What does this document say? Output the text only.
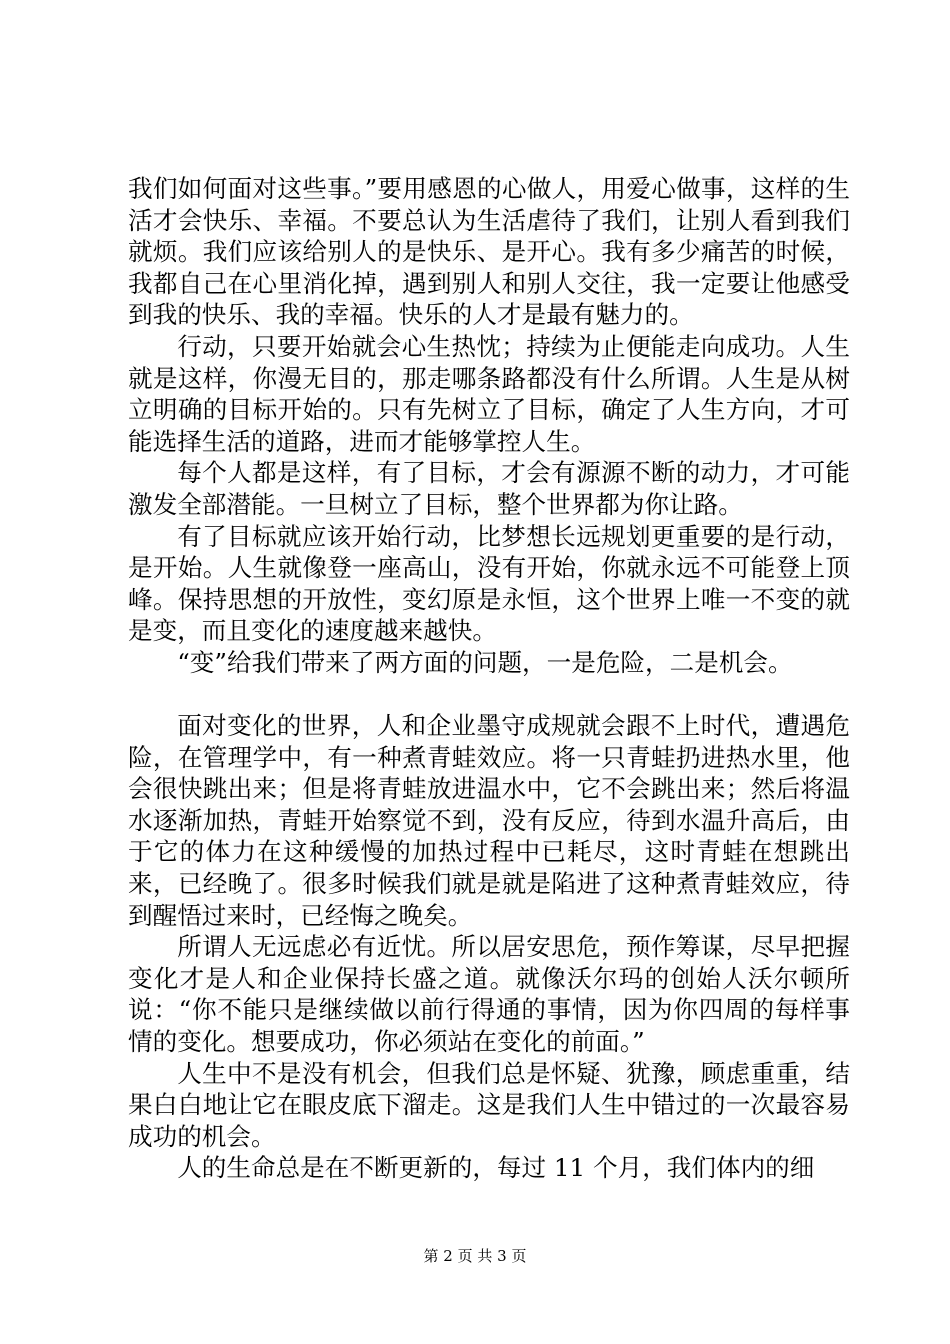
我们如何面对这些事。”要用感恩的心做人，用爱心做事，这样的生活才会快乐、幸福。不要总认为生活虐待了我们，让别人看到我们就烦。我们应该给别人的是快乐、是开心。我有多少痛苦的时候，我都自己在心里消化掉，遇到别人和别人交往，我一定要让他感受到我的快乐、我的幸福。快乐的人才是最有魅力的。

行动，只要开始就会心生热忱；持续为止便能走向成功。人生就是这样，你漫无目的，那走哪条路都没有什么所谓。人生是从树立明确的目标开始的。只有先树立了目标，确定了人生方向，才可能选择生活的道路，进而才能够掌控人生。

每个人都是这样，有了目标，才会有源源不断的动力，才可能激发全部潜能。一旦树立了目标，整个世界都为你让路。

有了目标就应该开始行动，比梦想长远规划更重要的是行动，是开始。人生就像登一座高山，没有开始，你就永远不可能登上顶峰。保持思想的开放性，变幻原是永恒，这个世界上唯一不变的就是变，而且变化的速度越来越快。

“变”给我们带来了两方面的问题，一是危险，二是机会。

面对变化的世界，人和企业墨守成规就会跟不上时代，遭遇危险，在管理学中，有一种煮青蛙效应。将一只青蛙扔进热水里，他会很快跳出来；但是将青蛙放进温水中，它不会跳出来；然后将温水逐渐加热，青蛙开始察觉不到，没有反应，待到水温升高后，由于它的体力在这种缓慢的加热过程中已耗尽，这时青蛙在想跳出来，已经晚了。很多时候我们就是就是陷进了这种煮青蛙效应，待到醒悟过来时，已经悔之晚矣。

所谓人无远虑必有近忧。所以居安思危，预作筹谋，尽早把握变化才是人和企业保持长盛之道。就像沃尔玛的创始人沃尔顿所说：“你不能只是继续做以前行得通的事情，因为你四周的每样事情的变化。想要成功，你必须站在变化的前面。”

人生中不是没有机会，但我们总是怀疑、犹豫，顾虑重重，结果白白地让它在眼皮底下溜走。这是我们人生中错过的一次最容易成功的机会。

人的生命总是在不断更新的，每过 11 个月，我们体内的细

第 2 页 共 3 页
